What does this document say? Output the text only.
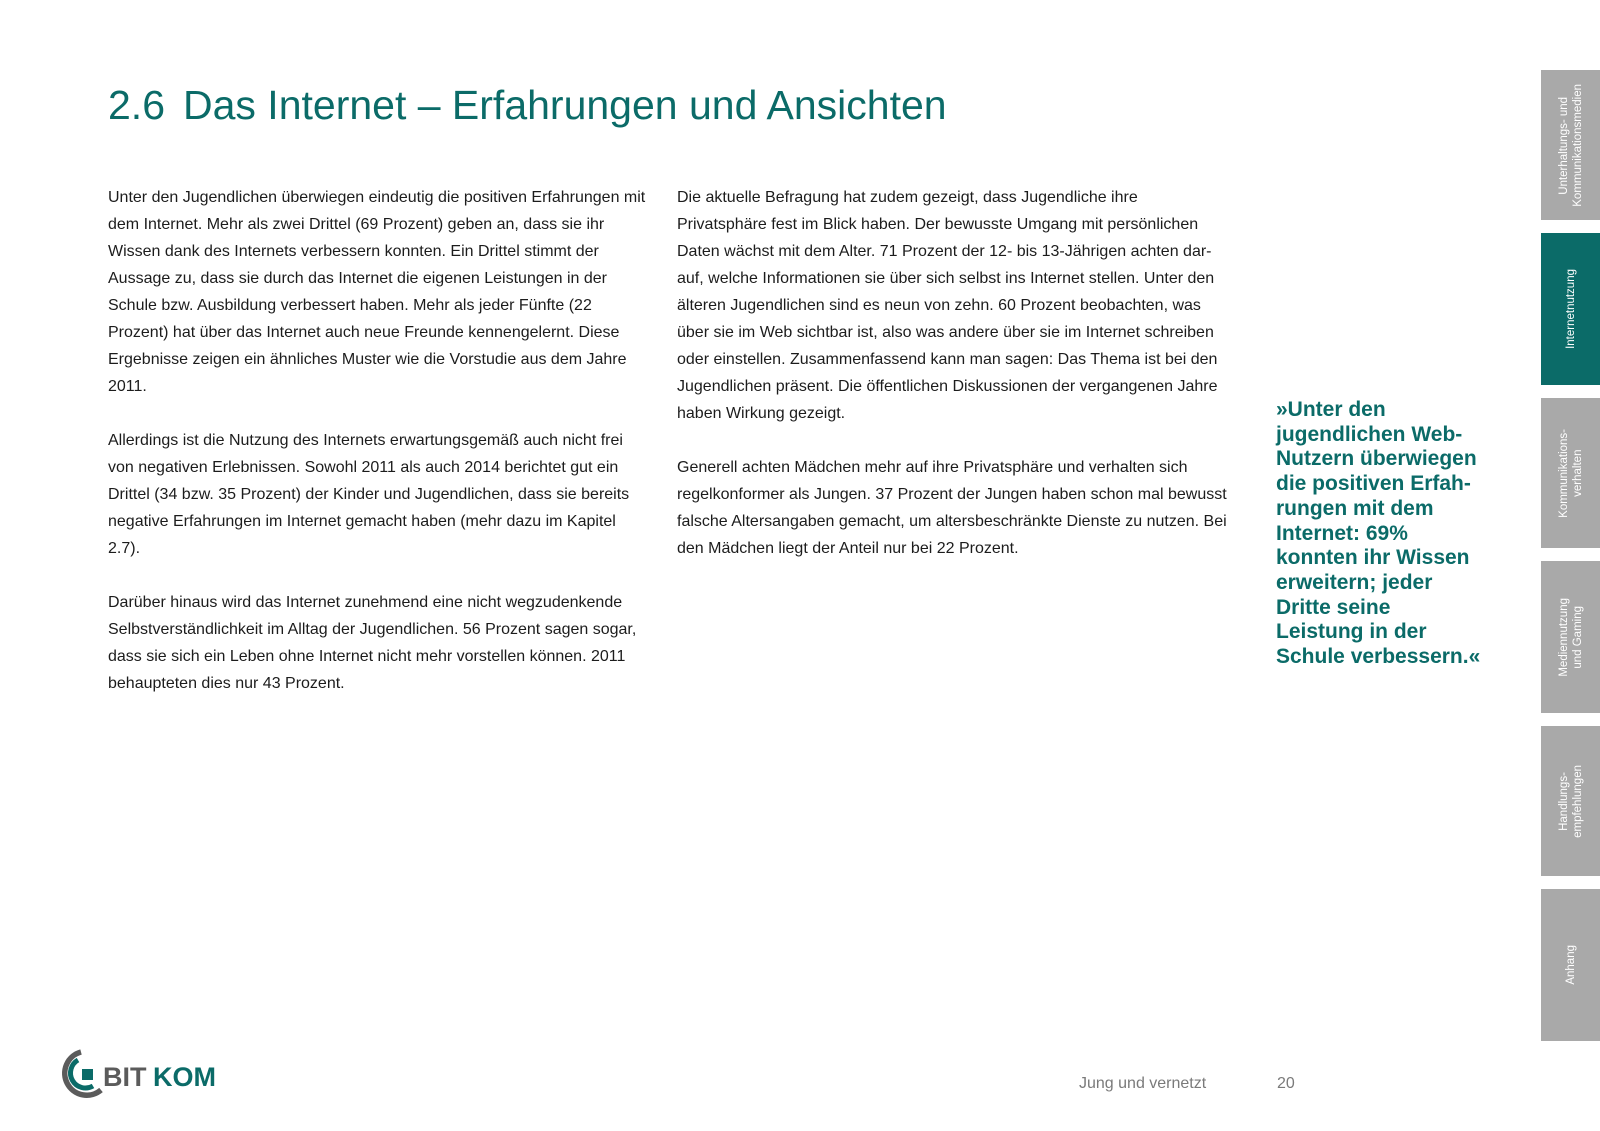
2.6 Das Internet – Erfahrungen und Ansichten

Unter den Jugendlichen überwiegen eindeutig die positiven Erfahrungen mit dem Internet. Mehr als zwei Drittel (69 Prozent) geben an, dass sie ihr Wissen dank des Internets verbessern konnten. Ein Drittel stimmt der Aussage zu, dass sie durch das Internet die eigenen Leistungen in der Schule bzw. Ausbildung verbessert haben. Mehr als jeder Fünfte (22 Prozent) hat über das Internet auch neue Freunde kennengelernt. Diese Ergebnisse zeigen ein ähnliches Muster wie die Vorstudie aus dem Jahre 2011.

Allerdings ist die Nutzung des Internets erwartungsgemäß auch nicht frei von negativen Erlebnissen. Sowohl 2011 als auch 2014 berichtet gut ein Drittel (34 bzw. 35 Prozent) der Kinder und Jugendlichen, dass sie bereits negative Erfahrungen im Internet gemacht haben (mehr dazu im Kapitel 2.7).

Darüber hinaus wird das Internet zunehmend eine nicht wegzudenkende Selbstverständlichkeit im Alltag der Jugendlichen. 56 Prozent sagen sogar, dass sie sich ein Leben ohne Internet nicht mehr vorstellen können. 2011 behaupteten dies nur 43 Prozent.

Die aktuelle Befragung hat zudem gezeigt, dass Jugendliche ihre Privatsphäre fest im Blick haben. Der bewusste Umgang mit persönlichen Daten wächst mit dem Alter. 71 Prozent der 12- bis 13-Jährigen achten darauf, welche Informationen sie über sich selbst ins Internet stellen. Unter den älteren Jugendlichen sind es neun von zehn. 60 Prozent beobachten, was über sie im Web sichtbar ist, also was andere über sie im Internet schreiben oder einstellen. Zusammenfassend kann man sagen: Das Thema ist bei den Jugendlichen präsent. Die öffentlichen Diskussionen der vergangenen Jahre haben Wirkung gezeigt.

Generell achten Mädchen mehr auf ihre Privatsphäre und verhalten sich regelkonformer als Jungen. 37 Prozent der Jungen haben schon mal bewusst falsche Altersangaben gemacht, um altersbeschränkte Dienste zu nutzen. Bei den Mädchen liegt der Anteil nur bei 22 Prozent.

»Unter den jugendlichen Web-Nutzern überwiegen die positiven Erfahrungen mit dem Internet: 69% konnten ihr Wissen erweitern; jeder Dritte seine Leistung in der Schule verbessern.«

Unterhaltungs- und
Kommunikationsmedien
Internetnutzung
Kommunikations-
verhalten
Mediennutzung
und Gaming
Handlungs-
empfehlungen
Anhang
BIT KOM	Jung und vernetzt	20
